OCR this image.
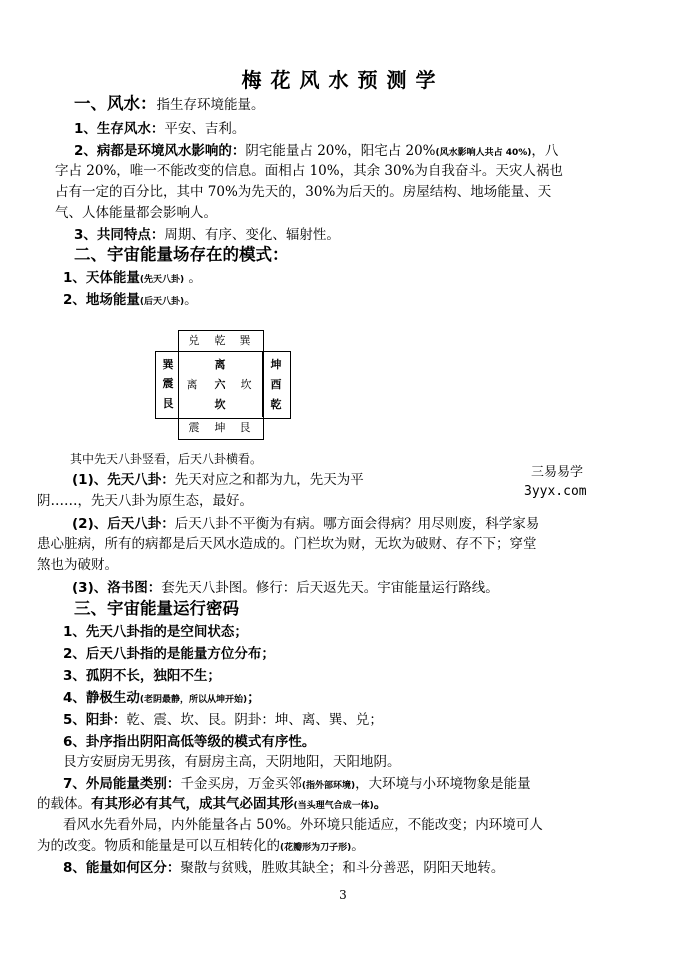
梅花风水预测学
一、风水：指生存环境能量。
1、生存风水：平安、吉利。
2、病都是环境风水影响的：阴宅能量占 20%，阳宅占 20%(风水影响人共占 40%)，八
字占 20%，唯一不能改变的信息。面相占 10%，其余 30%为自我奋斗。天灾人祸也
占有一定的百分比，其中 70%为先天的，30%为后天的。房屋结构、地场能量、天
气、人体能量都会影响人。
3、共同特点：周期、有序、变化、辐射性。
二、宇宙能量场存在的模式：
1、天体能量(先天八卦) 。
2、地场能量(后天八卦)。
兑 乾 巽
巽
震
艮
离
六
坎
离	坎
坤
酉
乾
震 坤 艮
其中先天八卦竖看，后天八卦横看。
三易易学
3yyx.com
(1)、先天八卦：先天对应之和都为九，先天为平
阴……，先天八卦为原生态，最好。
(2)、后天八卦：后天八卦不平衡为有病。哪方面会得病？用尽则废，科学家易
患心脏病，所有的病都是后天风水造成的。门栏坎为财，无坎为破财、存不下；穿堂
煞也为破财。
(3)、洛书图：套先天八卦图。修行：后天返先天。宇宙能量运行路线。
三、宇宙能量运行密码
1、先天八卦指的是空间状态；
2、后天八卦指的是能量方位分布；
3、孤阴不长，独阳不生；
4、静极生动(老阴最静，所以从坤开始)；
5、阳卦：乾、震、坎、艮。阴卦：坤、离、巽、兑；
6、卦序指出阴阳高低等级的模式有序性。
艮方安厨房无男孩，有厨房主高，天阴地阳，天阳地阴。
7、外局能量类别：千金买房，万金买邻(指外部环境)，大环境与小环境物象是能量
的载体。有其形必有其气，成其气必固其形(当头理气合成一体)。
看风水先看外局，内外能量各占 50%。外环境只能适应，不能改变；内环境可人
为的改变。物质和能量是可以互相转化的(花瓣形为刀子形)。
8、能量如何区分：聚散与贫贱，胜败其缺全；和斗分善恶，阴阳天地转。
3
